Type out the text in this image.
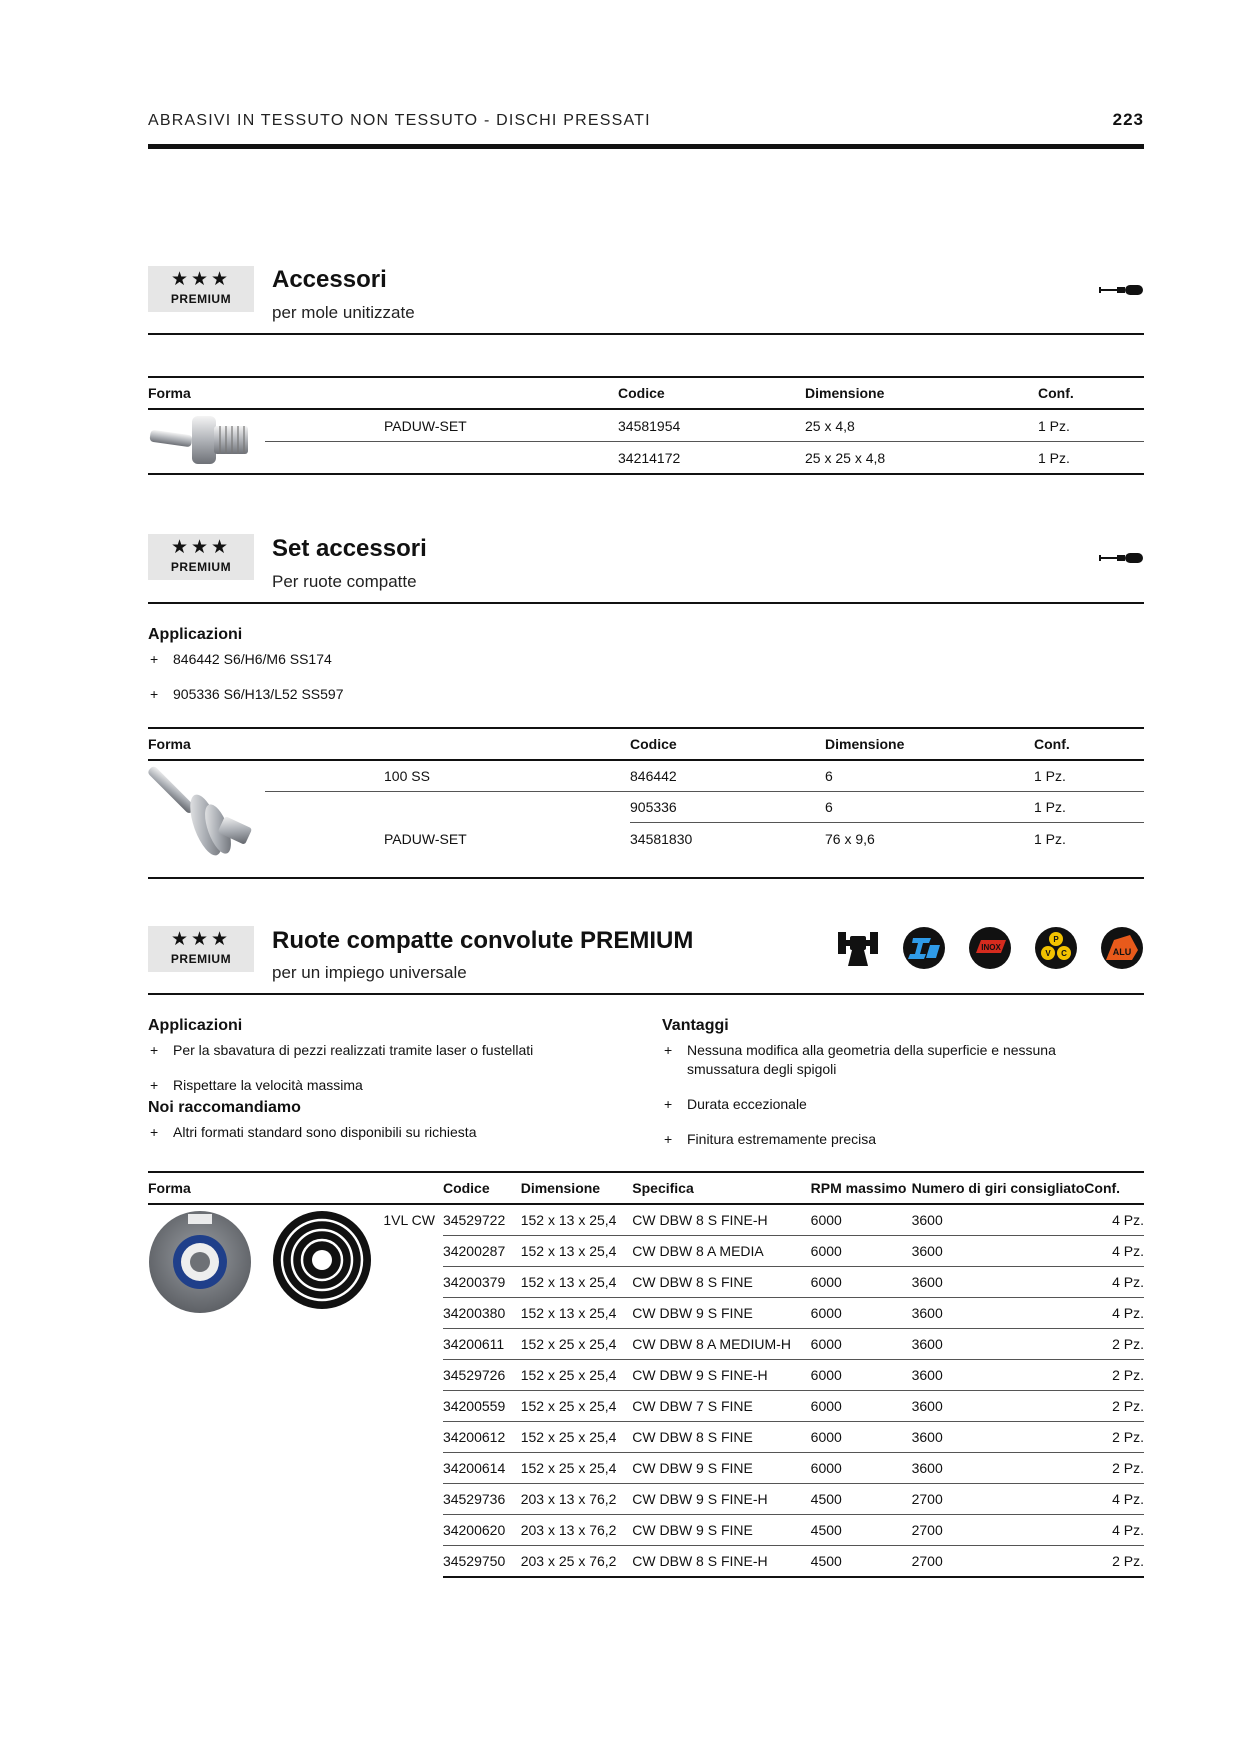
ABRASIVI IN TESSUTO NON TESSUTO - DISCHI PRESSATI	223
★★★
PREMIUM
Accessori
per mole unitizzate
Forma		Codice	Dimensione	Conf.
	PADUW-SET	34581954	25 x 4,8	1 Pz.
		34214172	25 x 25 x 4,8	1 Pz.
★★★
PREMIUM
Set accessori
Per ruote compatte
Applicazioni
+ 846442 S6/H6/M6 SS174
+ 905336 S6/H13/L52 SS597
Forma		Codice	Dimensione	Conf.
	100 SS	846442	6	1 Pz.
		905336	6	1 Pz.
	PADUW-SET	34581830	76 x 9,6	1 Pz.
★★★
PREMIUM
Ruote compatte convolute PREMIUM
per un impiego universale
INOX
P
V C	ALU
Applicazioni
+ Per la sbavatura di pezzi realizzati tramite laser o fustellati
+ Rispettare la velocità massima
Noi raccomandiamo
+ Altri formati standard sono disponibili su richiesta
Vantaggi
+ Nessuna modifica alla geometria della superficie e nessuna smussatura degli spigoli
+ Durata eccezionale
+ Finitura estremamente precisa
Forma		Codice	Dimensione	Specifica	RPM massimo	Numero di giri consigliato	Conf.
	1VL CW	34529722	152 x 13 x 25,4	CW DBW 8 S FINE-H	6000	3600	4 Pz.
		34200287	152 x 13 x 25,4	CW DBW 8 A MEDIA	6000	3600	4 Pz.
		34200379	152 x 13 x 25,4	CW DBW 8 S FINE	6000	3600	4 Pz.
		34200380	152 x 13 x 25,4	CW DBW 9 S FINE	6000	3600	4 Pz.
		34200611	152 x 25 x 25,4	CW DBW 8 A MEDIUM-H	6000	3600	2 Pz.
		34529726	152 x 25 x 25,4	CW DBW 9 S FINE-H	6000	3600	2 Pz.
		34200559	152 x 25 x 25,4	CW DBW 7 S FINE	6000	3600	2 Pz.
		34200612	152 x 25 x 25,4	CW DBW 8 S FINE	6000	3600	2 Pz.
		34200614	152 x 25 x 25,4	CW DBW 9 S FINE	6000	3600	2 Pz.
		34529736	203 x 13 x 76,2	CW DBW 9 S FINE-H	4500	2700	4 Pz.
		34200620	203 x 13 x 76,2	CW DBW 9 S FINE	4500	2700	4 Pz.
		34529750	203 x 25 x 76,2	CW DBW 8 S FINE-H	4500	2700	2 Pz.
